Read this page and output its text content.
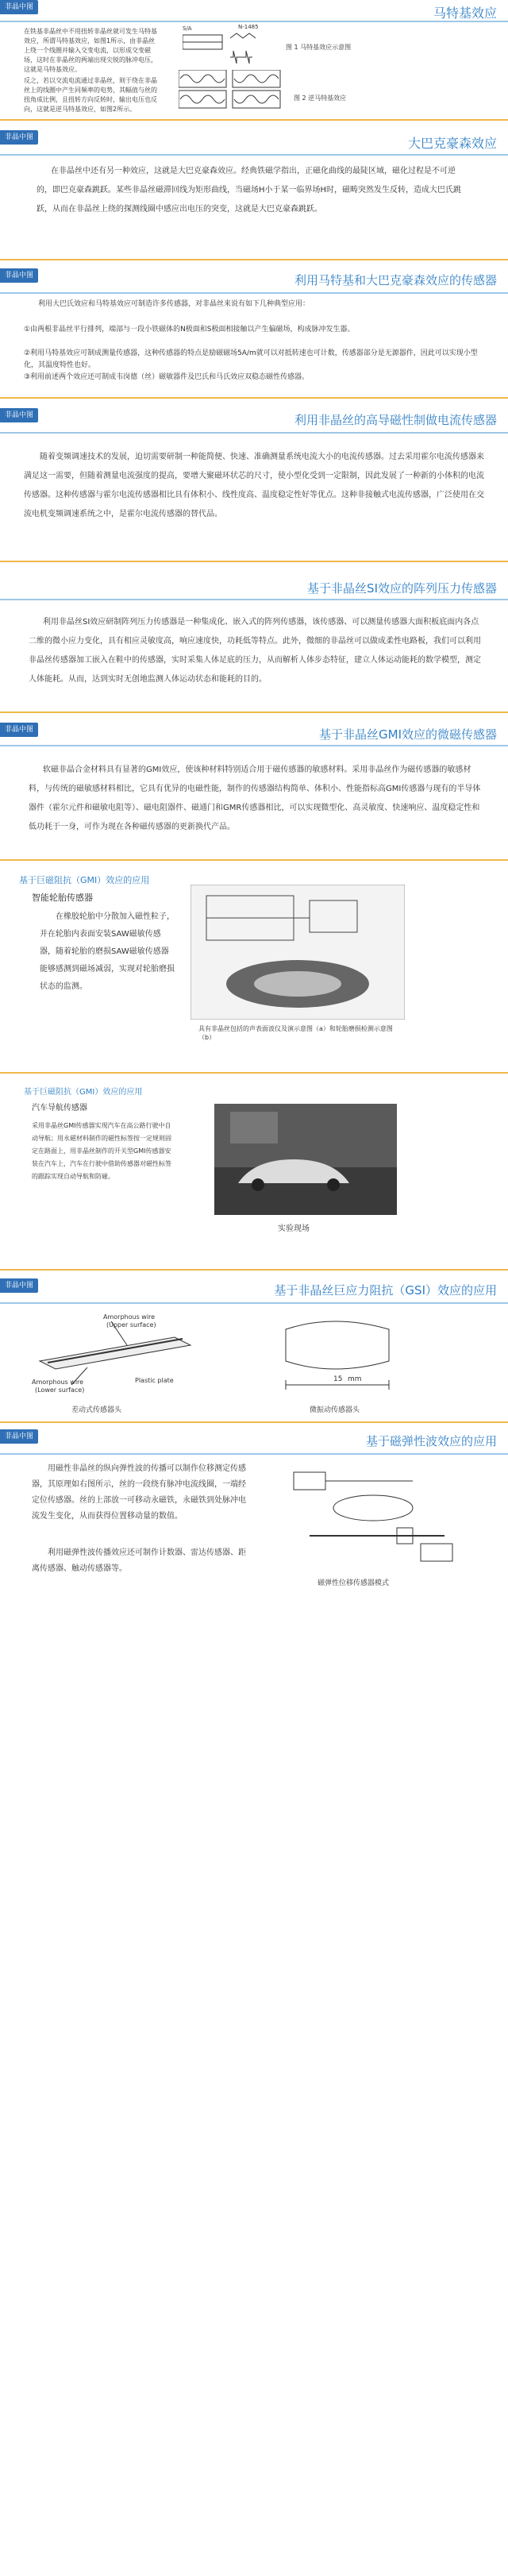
非晶中图	马特基效应
在铁基非晶丝中不用扭转非晶丝就可发生马特基效应，所谓马特基效应，如图1所示，由非晶丝上绕一个线圈并输入交变电流，以形成交变磁场，这时在非晶丝的两端出现尖锐的脉冲电压，这就是马特基效应。
反之，若以交流电流通过非晶丝，则于绕在非晶丝上的线圈中产生同频率的电势，其幅值与丝的扭角成比例，且扭转方向反转时，输出电压也反向，这就是逆马特基效应，如图2所示。
S/A	N-1485
图 1 马特基效应示意图
图 2 逆马特基效应
非晶中图	大巴克豪森效应
在非晶丝中还有另一种效应，这就是大巴克豪森效应。经典铁磁学指出，正磁化曲线的最陡区域，磁化过程是不可逆的，即巴克豪森跳跃。某些非晶丝磁滞回线为矩形曲线，当磁场H小于某一临界场H时，磁畴突然发生反转，造成大巴氏跳跃，从而在非晶丝上绕的探测线圈中感应出电压的突变，这就是大巴克豪森跳跃。
非晶中图	利用马特基和大巴克豪森效应的传感器
利用大巴氏效应和马特基效应可制造许多传感器，对非晶丝来说有如下几种典型应用：
①由两根非晶丝平行排列，端部与一段小铁磁体的N极面和S极面相接触以产生偏磁场，构成脉冲发生器。
②利用马特基效应可制成测量传感器，这种传感器的特点是励磁磁场5A/m就可以对抵转速也可计数，传感器部分是无源器件，因此可以实现小型化，其温度特性也好。
③利用前述两个效应还可制成韦岗德（丝）磁敏器件及巴氏和马氏效应双稳态磁性传感器。
非晶中图	利用非晶丝的高导磁性制做电流传感器
随着变频调速技术的发展，迫切需要研制一种能简便、快速、准确测量系统电流大小的电流传感器。过去采用霍尔电流传感器来满足这一需要，但随着测量电流强度的提高，要增大聚磁环状芯的尺寸，使小型化受到一定限制，因此发展了一种新的小体积的电流传感器。这种传感器与霍尔电流传感器相比具有体积小、线性度高、温度稳定性好等优点。这种非接触式电流传感器，广泛使用在交流电机变频调速系统之中，是霍尔电流传感器的替代品。
基于非晶丝SI效应的阵列压力传感器
利用非晶丝SI效应研制阵列压力传感器是一种集成化、嵌入式的阵列传感器，该传感器、可以测量传感器大面积板底面内各点二维的微小应力变化，具有相应灵敏度高，响应速度快，功耗低等特点。此外，微细的非晶丝可以做成柔性电路板，我们可以利用非晶丝传感器加工嵌入在鞋中的传感器，实时采集人体足底的压力，从而解析人体步态特征，建立人体运动能耗的数学模型，测定人体能耗。从而，达到实时无创地监测人体运动状态和能耗的目的。
非晶中图	基于非晶丝GMI效应的微磁传感器
软磁非晶合金材料具有显著的GMI效应，使该种材料特别适合用于磁传感器的敏感材料。采用非晶丝作为磁传感器的敏感材料，与传统的磁敏感材料相比，它具有优异的电磁性能，制作的传感器结构简单、体积小、性能指标高GMI传感器与现有的半导体器件（霍尔元件和磁敏电阻等）、磁电阻器件、磁通门和GMR传感器相比，可以实现微型化、高灵敏度、快速响应、温度稳定性和低功耗于一身，可作为现在各种磁传感器的更新换代产品。
基于巨磁阻抗（GMI）效应的应用
智能轮胎传感器
在橡胶轮胎中分散加入磁性粒子，并在轮胎内表面安装SAW磁敏传感器，随着轮胎的磨损SAW磁敏传感器能够感测到磁场减弱，实现对轮胎磨损状态的监测。
具有非晶丝包括的声表面波仪及演示意图（a）和轮胎磨损检测示意图（b）
基于巨磁阻抗（GMI）效应的应用
汽车导航传感器
采用非晶丝GMI传感器实现汽车在高公路行驶中自动导航；用永磁材料制作的磁性标签按一定规则固定在路面上，用非晶丝制作的开关型GMI传感器安装在汽车上，汽车在行驶中借助传感器对磁性标签的跟踪实现自动导航和防碰。
实验现场
非晶中图	基于非晶丝巨应力阻抗（GSI）效应的应用
Amorphous wire
(Upper surface)
Amorphous wire
(Lower surface)
Plastic plate
差动式传感器头
15 mm
微振动传感器头
非晶中图	基于磁弹性波效应的应用
用磁性非晶丝的纵向弹性波的传播可以制作位移测定传感器，其原理如右图所示，丝的一段绕有脉冲电流线圈，一端经定位传感器。丝的上部放一可移动永磁铁，永磁铁到处脉冲电流发生变化，从而获得位置移动量的数值。
利用磁弹性波传播效应还可制作计数器、雷达传感器、距离传感器、触动传感器等。
磁弹性位移传感器模式
